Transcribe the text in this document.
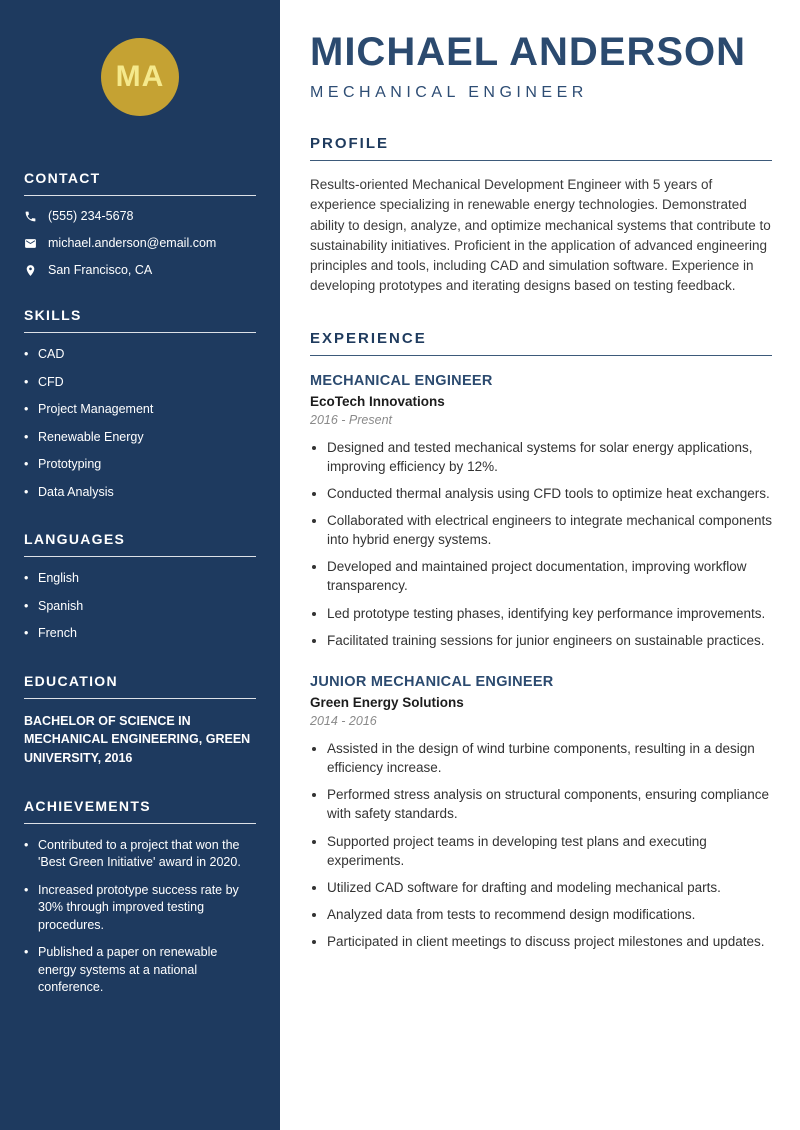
MA
CONTACT
(555) 234-5678
michael.anderson@email.com
San Francisco, CA
SKILLS
• CAD
• CFD
• Project Management
• Renewable Energy
• Prototyping
• Data Analysis
LANGUAGES
• English
• Spanish
• French
EDUCATION

BACHELOR OF SCIENCE IN MECHANICAL ENGINEERING, GREEN UNIVERSITY, 2016

ACHIEVEMENTS
• Contributed to a project that won the 'Best Green Initiative' award in 2020.
• Increased prototype success rate by 30% through improved testing procedures.
• Published a paper on renewable energy systems at a national conference.
MICHAEL ANDERSON
MECHANICAL ENGINEER
PROFILE

Results-oriented Mechanical Development Engineer with 5 years of experience specializing in renewable energy technologies. Demonstrated ability to design, analyze, and optimize mechanical systems that contribute to sustainability initiatives. Proficient in the application of advanced engineering principles and tools, including CAD and simulation software. Experience in developing prototypes and iterating designs based on testing feedback.

EXPERIENCE
MECHANICAL ENGINEER
EcoTech Innovations
2016 - Present
• Designed and tested mechanical systems for solar energy applications, improving efficiency by 12%.
• Conducted thermal analysis using CFD tools to optimize heat exchangers.
• Collaborated with electrical engineers to integrate mechanical components into hybrid energy systems.
• Developed and maintained project documentation, improving workflow transparency.
• Led prototype testing phases, identifying key performance improvements.
• Facilitated training sessions for junior engineers on sustainable practices.
JUNIOR MECHANICAL ENGINEER
Green Energy Solutions
2014 - 2016
• Assisted in the design of wind turbine components, resulting in a design efficiency increase.
• Performed stress analysis on structural components, ensuring compliance with safety standards.
• Supported project teams in developing test plans and executing experiments.
• Utilized CAD software for drafting and modeling mechanical parts.
• Analyzed data from tests to recommend design modifications.
• Participated in client meetings to discuss project milestones and updates.
